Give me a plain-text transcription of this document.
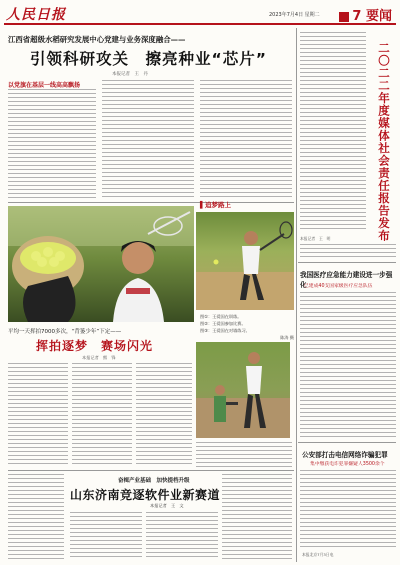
人民日报	2023年7月4日 星期二	7 要闻
江西省超级水稻研究发展中心党建与业务深度融合——
引领科研攻关　擦亮种业“芯片”
本报记者　王　丹
以党旗在基层一线高高飘扬
▌追梦路上
图①：王爱国在训练。
图②：王爱国参加比赛。
图③：王爱国在对墙练习。
陈涛 摄
平均一天挥拍7000多次，“背篓少年”下定——
挥拍逐梦　赛场闪光
本报记者　熊　锋
奋楫产业基础　加快提档升级
山东济南竞逐软件业新赛道
本报记者　王　文
二〇二二年度媒体社会责任报告发布
本报记者　王　明
我国医疗应急能力建设进一步强化
已建成40支国家级医疗应急队伍
公安部打击电信网络诈骗犯罪
集中缴获电诈犯罪嫌疑人3500余个
本报北京7月3日电
